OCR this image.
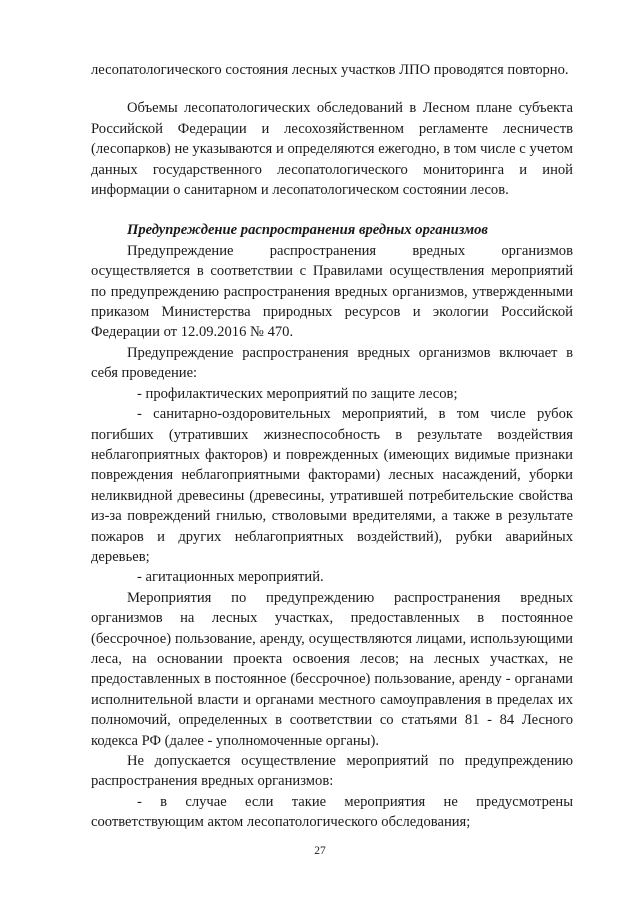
лесопатологического состояния лесных участков ЛПО проводятся повторно.

Объемы лесопатологических обследований в Лесном плане субъекта Российской Федерации и лесохозяйственном регламенте лесничеств (лесопарков) не указываются и определяются ежегодно, в том числе с учетом данных государственного лесопатологического мониторинга и иной информации о санитарном и лесопатологическом состоянии лесов.

Предупреждение распространения вредных организмов

Предупреждение распространения вредных организмов осуществляется в соответствии с Правилами осуществления мероприятий по предупреждению распространения вредных организмов, утвержденными приказом Министерства природных ресурсов и экологии Российской Федерации от 12.09.2016 № 470.

Предупреждение распространения вредных организмов включает в себя проведение:

- профилактических мероприятий по защите лесов;

- санитарно-оздоровительных мероприятий, в том числе рубок погибших (утративших жизнеспособность в результате воздействия неблагоприятных факторов) и поврежденных (имеющих видимые признаки повреждения неблагоприятными факторами) лесных насаждений, уборки неликвидной древесины (древесины, утратившей потребительские свойства из-за повреждений гнилью, стволовыми вредителями, а также в результате пожаров и других неблагоприятных воздействий), рубки аварийных деревьев;

- агитационных мероприятий.

Мероприятия по предупреждению распространения вредных организмов на лесных участках, предоставленных в постоянное (бессрочное) пользование, аренду, осуществляются лицами, использующими леса, на основании проекта освоения лесов; на лесных участках, не предоставленных в постоянное (бессрочное) пользование, аренду - органами исполнительной власти и органами местного самоуправления в пределах их полномочий, определенных в соответствии со статьями 81 - 84 Лесного кодекса РФ (далее - уполномоченные органы).

Не допускается осуществление мероприятий по предупреждению распространения вредных организмов:

- в случае если такие мероприятия не предусмотрены соответствующим актом лесопатологического обследования;

27
